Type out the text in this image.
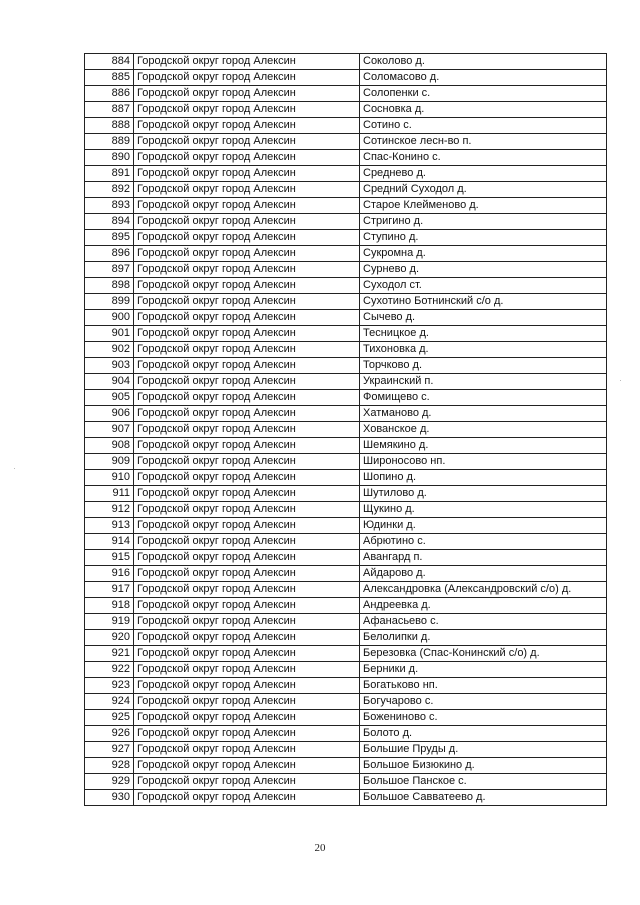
884	Городской округ город Алексин	Соколово д.
885	Городской округ город Алексин	Соломасово д.
886	Городской округ город Алексин	Солопенки с.
887	Городской округ город Алексин	Сосновка д.
888	Городской округ город Алексин	Сотино с.
889	Городской округ город Алексин	Сотинское лесн-во п.
890	Городской округ город Алексин	Спас-Конино с.
891	Городской округ город Алексин	Среднево д.
892	Городской округ город Алексин	Средний Суходол д.
893	Городской округ город Алексин	Старое Клейменово д.
894	Городской округ город Алексин	Стригино д.
895	Городской округ город Алексин	Ступино д.
896	Городской округ город Алексин	Сукромна д.
897	Городской округ город Алексин	Сурнево д.
898	Городской округ город Алексин	Суходол ст.
899	Городской округ город Алексин	Сухотино Ботнинский с/о д.
900	Городской округ город Алексин	Сычево д.
901	Городской округ город Алексин	Тесницкое д.
902	Городской округ город Алексин	Тихоновка д.
903	Городской округ город Алексин	Торчково д.
904	Городской округ город Алексин	Украинский п.
905	Городской округ город Алексин	Фомищево с.
906	Городской округ город Алексин	Хатманово д.
907	Городской округ город Алексин	Хованское д.
908	Городской округ город Алексин	Шемякино д.
909	Городской округ город Алексин	Широносово нп.
910	Городской округ город Алексин	Шопино д.
911	Городской округ город Алексин	Шутилово д.
912	Городской округ город Алексин	Щукино д.
913	Городской округ город Алексин	Юдинки д.
914	Городской округ город Алексин	Абрютино с.
915	Городской округ город Алексин	Авангард п.
916	Городской округ город Алексин	Айдарово д.
917	Городской округ город Алексин	Александровка (Александровский с/о) д.
918	Городской округ город Алексин	Андреевка д.
919	Городской округ город Алексин	Афанасьево с.
920	Городской округ город Алексин	Белолипки д.
921	Городской округ город Алексин	Березовка (Спас-Конинский с/о) д.
922	Городской округ город Алексин	Берники д.
923	Городской округ город Алексин	Богатьково нп.
924	Городской округ город Алексин	Богучарово с.
925	Городской округ город Алексин	Боженинoво с.
926	Городской округ город Алексин	Болото д.
927	Городской округ город Алексин	Большие Пруды д.
928	Городской округ город Алексин	Большое Бизюкино д.
929	Городской округ город Алексин	Большое Панское с.
930	Городской округ город Алексин	Большое Савватеево д.
20
